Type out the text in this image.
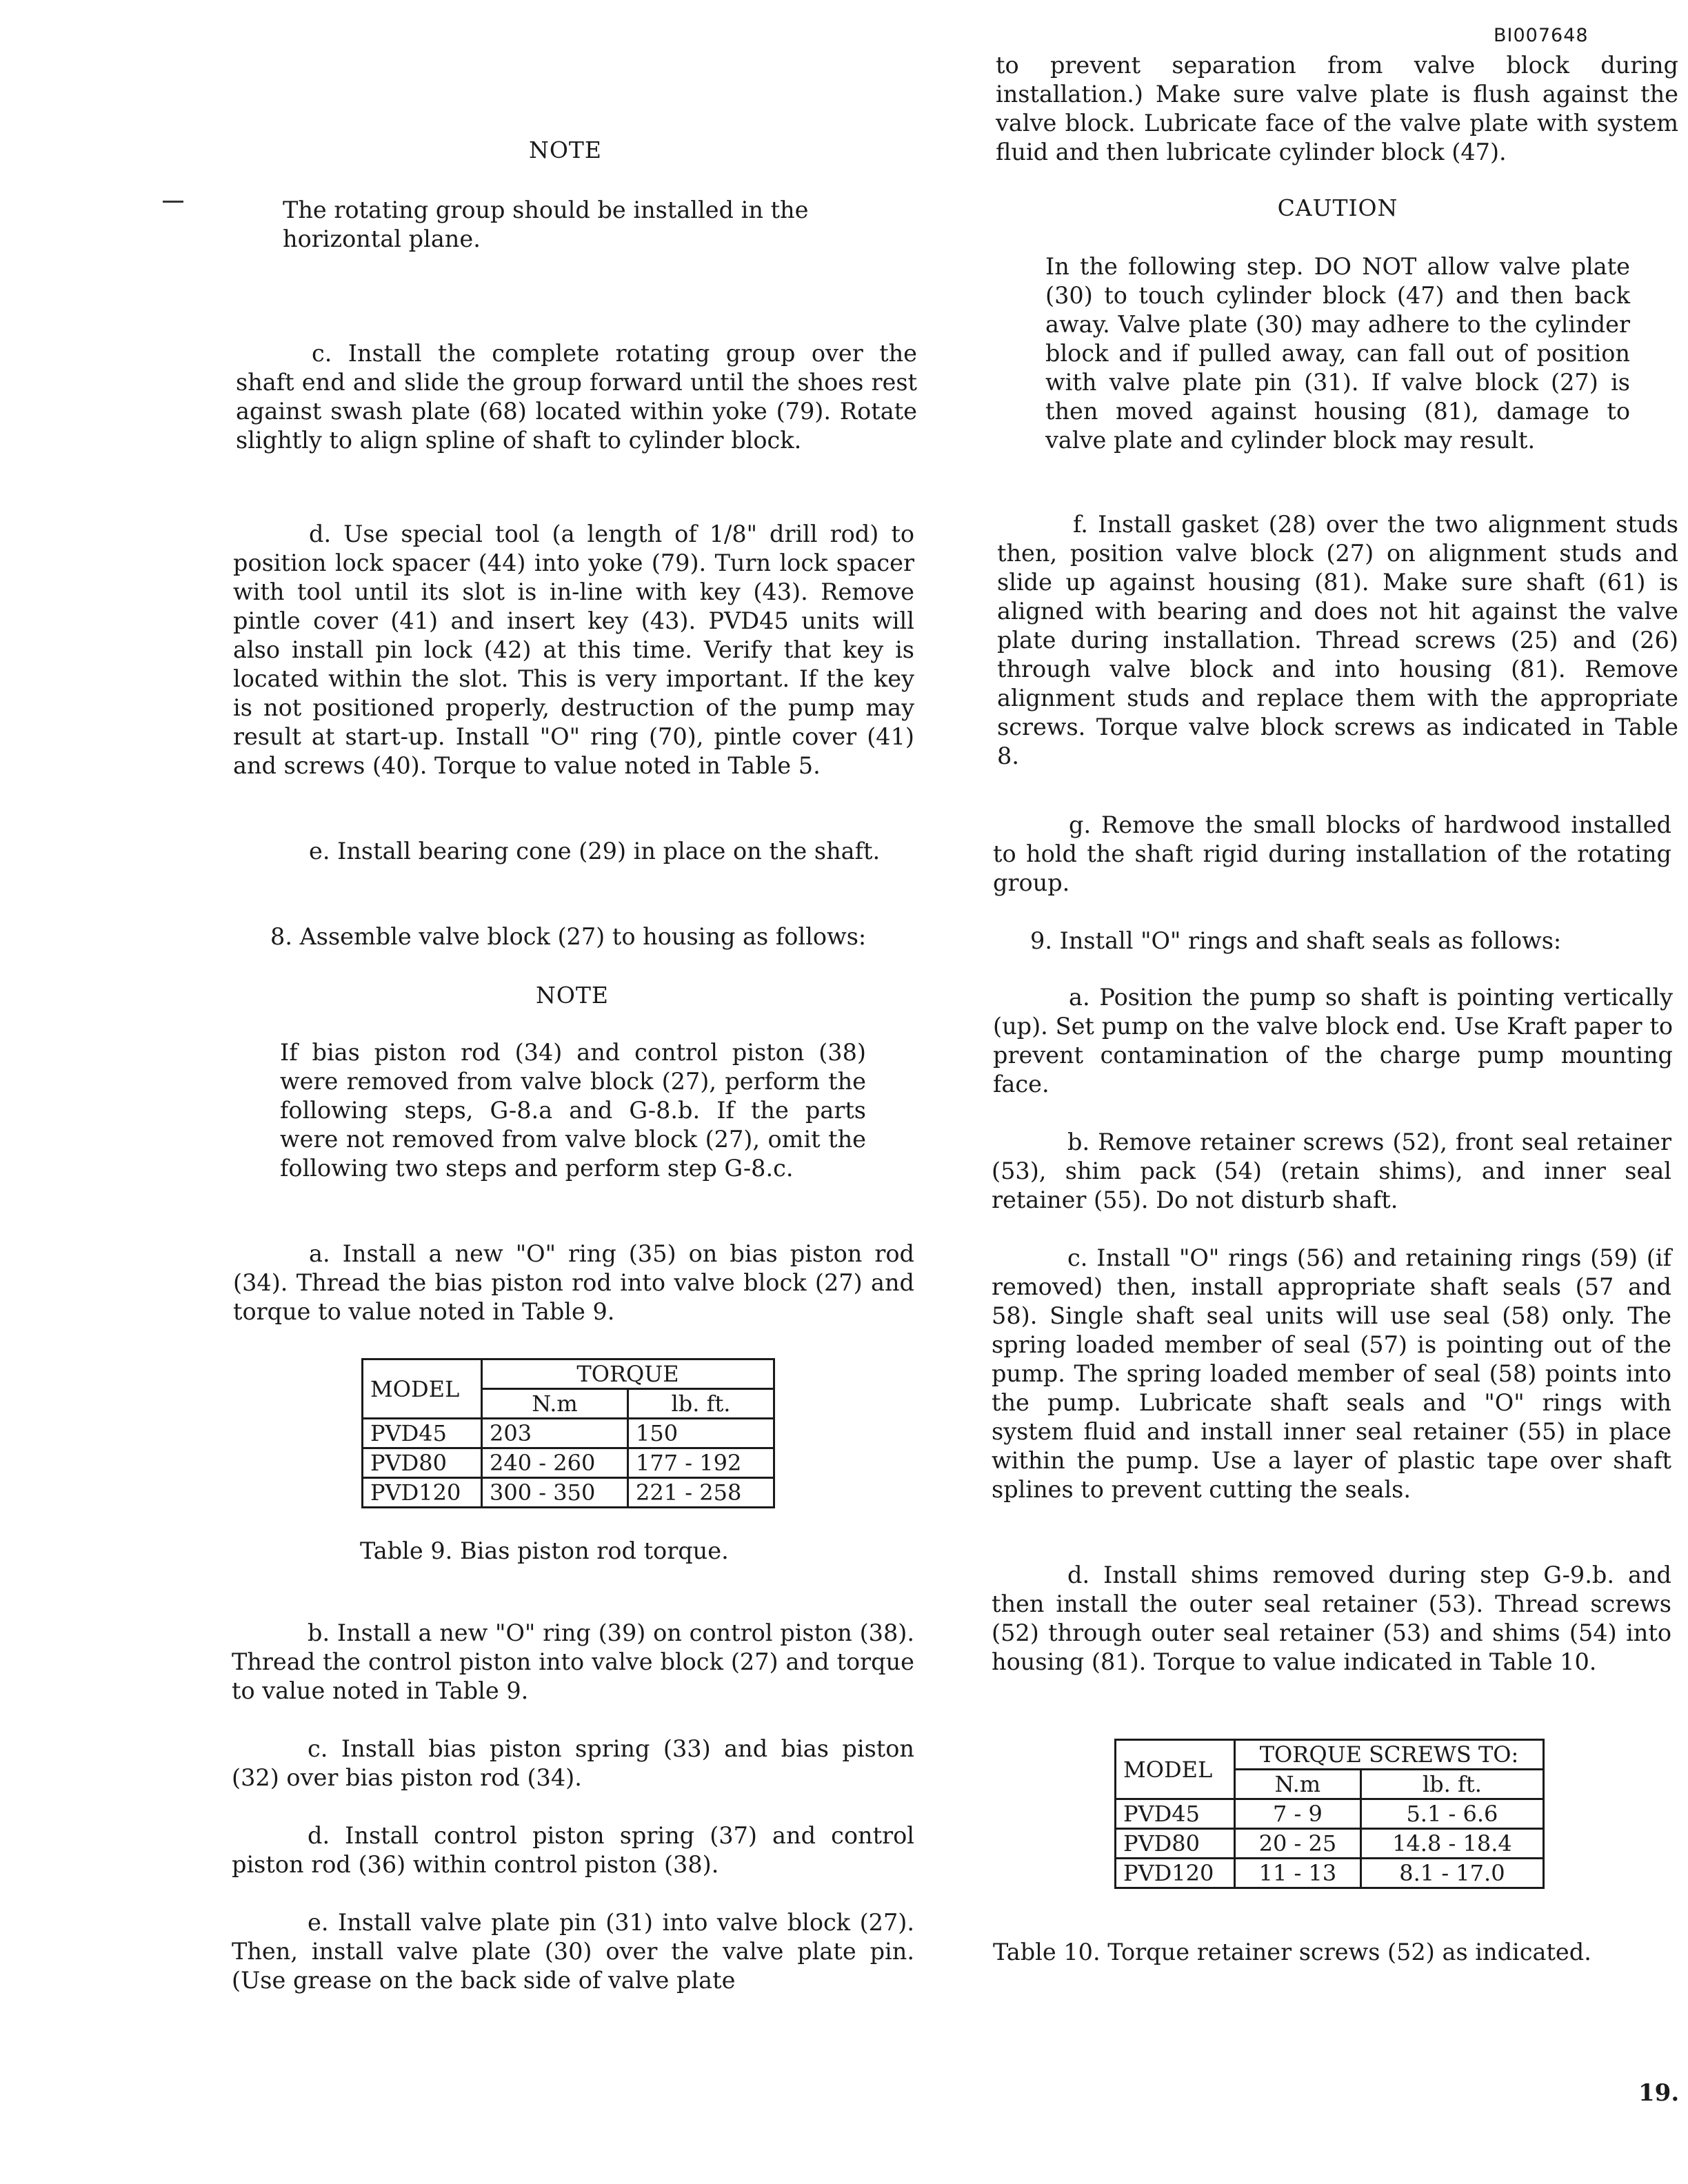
BI007648
NOTE

The rotating group should be installed in the horizontal plane.

c. Install the complete rotating group over the shaft end and slide the group forward until the shoes rest against swash plate (68) located within yoke (79). Rotate slightly to align spline of shaft to cylinder block.

d. Use special tool (a length of 1/8" drill rod) to position lock spacer (44) into yoke (79). Turn lock spacer with tool until its slot is in-line with key (43). Remove pintle cover (41) and insert key (43). PVD45 units will also install pin lock (42) at this time. Verify that key is located within the slot. This is very important. If the key is not positioned properly, destruction of the pump may result at start-up. Install "O" ring (70), pintle cover (41) and screws (40). Torque to value noted in Table 5.

e. Install bearing cone (29) in place on the shaft.

8. Assemble valve block (27) to housing as follows:

NOTE

If bias piston rod (34) and control piston (38) were removed from valve block (27), perform the following steps, G-8.a and G-8.b. If the parts were not removed from valve block (27), omit the following two steps and perform step G-8.c.

a. Install a new "O" ring (35) on bias piston rod (34). Thread the bias piston rod into valve block (27) and torque to value noted in Table 9.

MODEL	TORQUE	
	N.m	lb. ft.
PVD45	203	150
PVD80	240 - 260	177 - 192
PVD120	300 - 350	221 - 258
Table 9. Bias piston rod torque.

b. Install a new "O" ring (39) on control piston (38). Thread the control piston into valve block (27) and torque to value noted in Table 9.

c. Install bias piston spring (33) and bias piston (32) over bias piston rod (34).

d. Install control piston spring (37) and control piston rod (36) within control piston (38).

e. Install valve plate pin (31) into valve block (27). Then, install valve plate (30) over the valve plate pin. (Use grease on the back side of valve plate

to prevent separation from valve block during installation.) Make sure valve plate is flush against the valve block. Lubricate face of the valve plate with system fluid and then lubricate cylinder block (47).

CAUTION

In the following step. DO NOT allow valve plate (30) to touch cylinder block (47) and then back away. Valve plate (30) may adhere to the cylinder block and if pulled away, can fall out of position with valve plate pin (31). If valve block (27) is then moved against housing (81), damage to valve plate and cylinder block may result.

f. Install gasket (28) over the two alignment studs then, position valve block (27) on alignment studs and slide up against housing (81). Make sure shaft (61) is aligned with bearing and does not hit against the valve plate during installation. Thread screws (25) and (26) through valve block and into housing (81). Remove alignment studs and replace them with the appropriate screws. Torque valve block screws as indicated in Table 8.

g. Remove the small blocks of hardwood installed to hold the shaft rigid during installation of the rotating group.

9. Install "O" rings and shaft seals as follows:

a. Position the pump so shaft is pointing vertically (up). Set pump on the valve block end. Use Kraft paper to prevent contamination of the charge pump mounting face.

b. Remove retainer screws (52), front seal retainer (53), shim pack (54) (retain shims), and inner seal retainer (55). Do not disturb shaft.

c. Install "O" rings (56) and retaining rings (59) (if removed) then, install appropriate shaft seals (57 and 58). Single shaft seal units will use seal (58) only. The spring loaded member of seal (57) is pointing out of the pump. The spring loaded member of seal (58) points into the pump. Lubricate shaft seals and "O" rings with system fluid and install inner seal retainer (55) in place within the pump. Use a layer of plastic tape over shaft splines to prevent cutting the seals.

d. Install shims removed during step G-9.b. and then install the outer seal retainer (53). Thread screws (52) through outer seal retainer (53) and shims (54) into housing (81). Torque to value indicated in Table 10.

MODEL	TORQUE SCREWS TO:	
	N.m	lb. ft.
PVD45	7 - 9	5.1 - 6.6
PVD80	20 - 25	14.8 - 18.4
PVD120	11 - 13	8.1 - 17.0
Table 10. Torque retainer screws (52) as indicated.
19.
